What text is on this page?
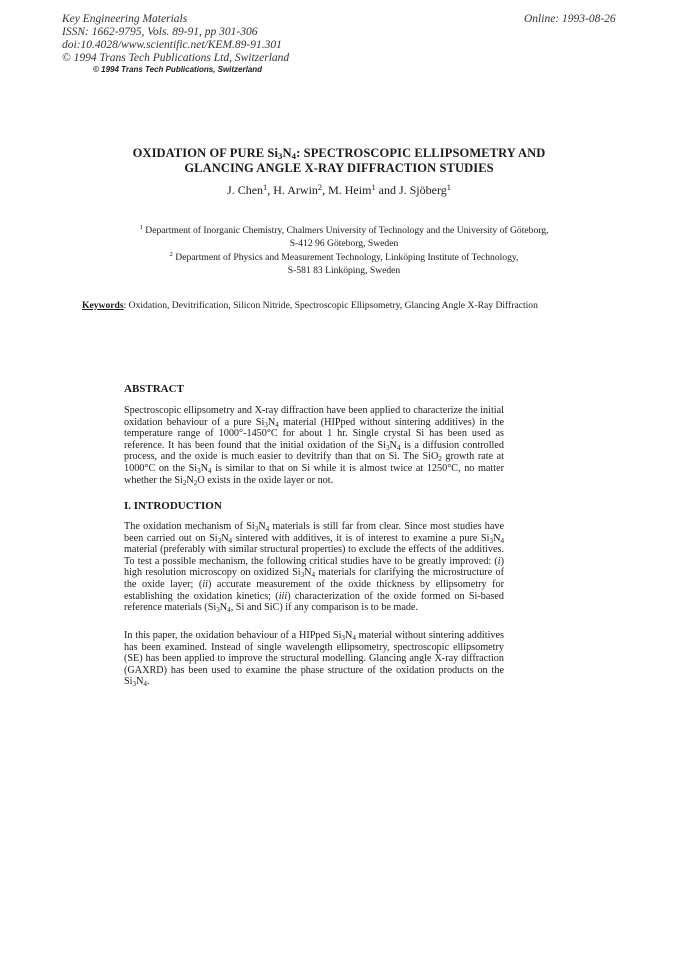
Key Engineering Materials
ISSN: 1662-9795, Vols. 89-91, pp 301-306
doi:10.4028/www.scientific.net/KEM.89-91.301
© 1994 Trans Tech Publications Ltd, Switzerland
Online: 1993-08-26
© 1994 Trans Tech Publications, Switzerland
OXIDATION OF PURE $Si_3N_4$: SPECTROSCOPIC ELLIPSOMETRY AND
GLANCING ANGLE X-RAY DIFFRACTION STUDIES
J. Chen$^1$, H. Arwin$^2$, M. Heim$^1$ and J. Sjöberg$^1$
$^1$ Department of Inorganic Chemistry, Chalmers University of Technology and the University of Göteborg,
S-412 96 Göteborg, Sweden
$^2$ Department of Physics and Measurement Technology, Linköping Institute of Technology,
S-581 83 Linköping, Sweden
Keywords: Oxidation, Devitrification, Silicon Nitride, Spectroscopic Ellipsometry, Glancing Angle X-Ray Diffraction
ABSTRACT
Spectroscopic ellipsometry and X-ray diffraction have been applied to characterize the initial oxidation behaviour of a pure $Si_3N_4$ material (HIPped without sintering additives) in the temperature range of 1000°-1450°C for about 1 hr. Single crystal Si has been used as reference. It has been found that the initial oxidation of the $Si_3N_4$ is a diffusion controlled process, and the oxide is much easier to devitrify than that on Si. The SiO$_2$ growth rate at 1000°C on the $Si_3N_4$ is similar to that on Si while it is almost twice at 1250°C, no matter whether the $Si_2N_2O$ exists in the oxide layer or not.
I. INTRODUCTION
The oxidation mechanism of $Si_3N_4$ materials is still far from clear. Since most studies have been carried out on $Si_3N_4$ sintered with additives, it is of interest to examine a pure $Si_3N_4$ material (preferably with similar structural properties) to exclude the effects of the additives. To test a possible mechanism, the following critical studies have to be greatly improved: (i) high resolution microscopy on oxidized $Si_3N_4$ materials for clarifying the microstructure of the oxide layer; (ii) accurate measurement of the oxide thickness by ellipsometry for establishing the oxidation kinetics; (iii) characterization of the oxide formed on Si-based reference materials ($Si_3N_4$, Si and SiC) if any comparison is to be made.
In this paper, the oxidation behaviour of a HIPped $Si_3N_4$ material without sintering additives has been examined. Instead of single wavelength ellipsometry, spectroscopic ellipsometry (SE) has been applied to improve the structural modelling. Glancing angle X-ray diffraction (GAXRD) has been used to examine the phase structure of the oxidation products on the $Si_3N_4$.
